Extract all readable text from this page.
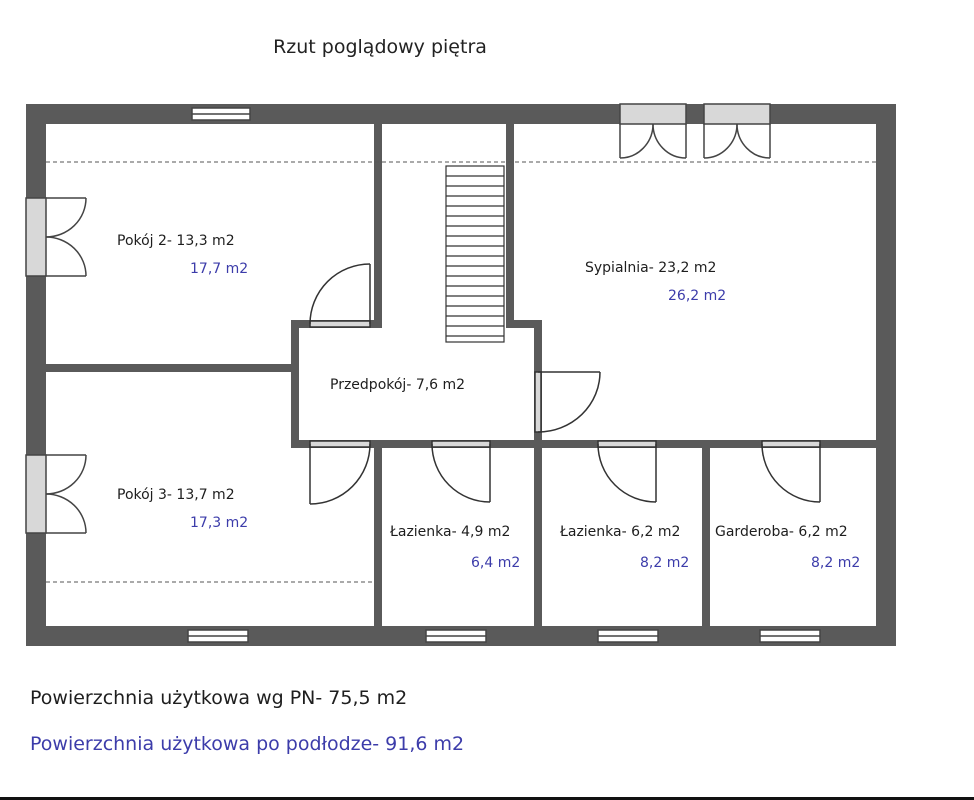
Rzut poglądowy piętra
Pokój 2- 13,3 m2
17,7 m2
Pokój 3- 13,7 m2
17,3 m2
Sypialnia- 23,2 m2
26,2 m2
Przedpokój- 7,6 m2
Łazienka- 4,9 m2
6,4 m2
Łazienka- 6,2 m2
8,2 m2
Garderoba- 6,2 m2
8,2 m2
Powierzchnia użytkowa wg PN- 75,5 m2
Powierzchnia użytkowa po podłodze- 91,6 m2
